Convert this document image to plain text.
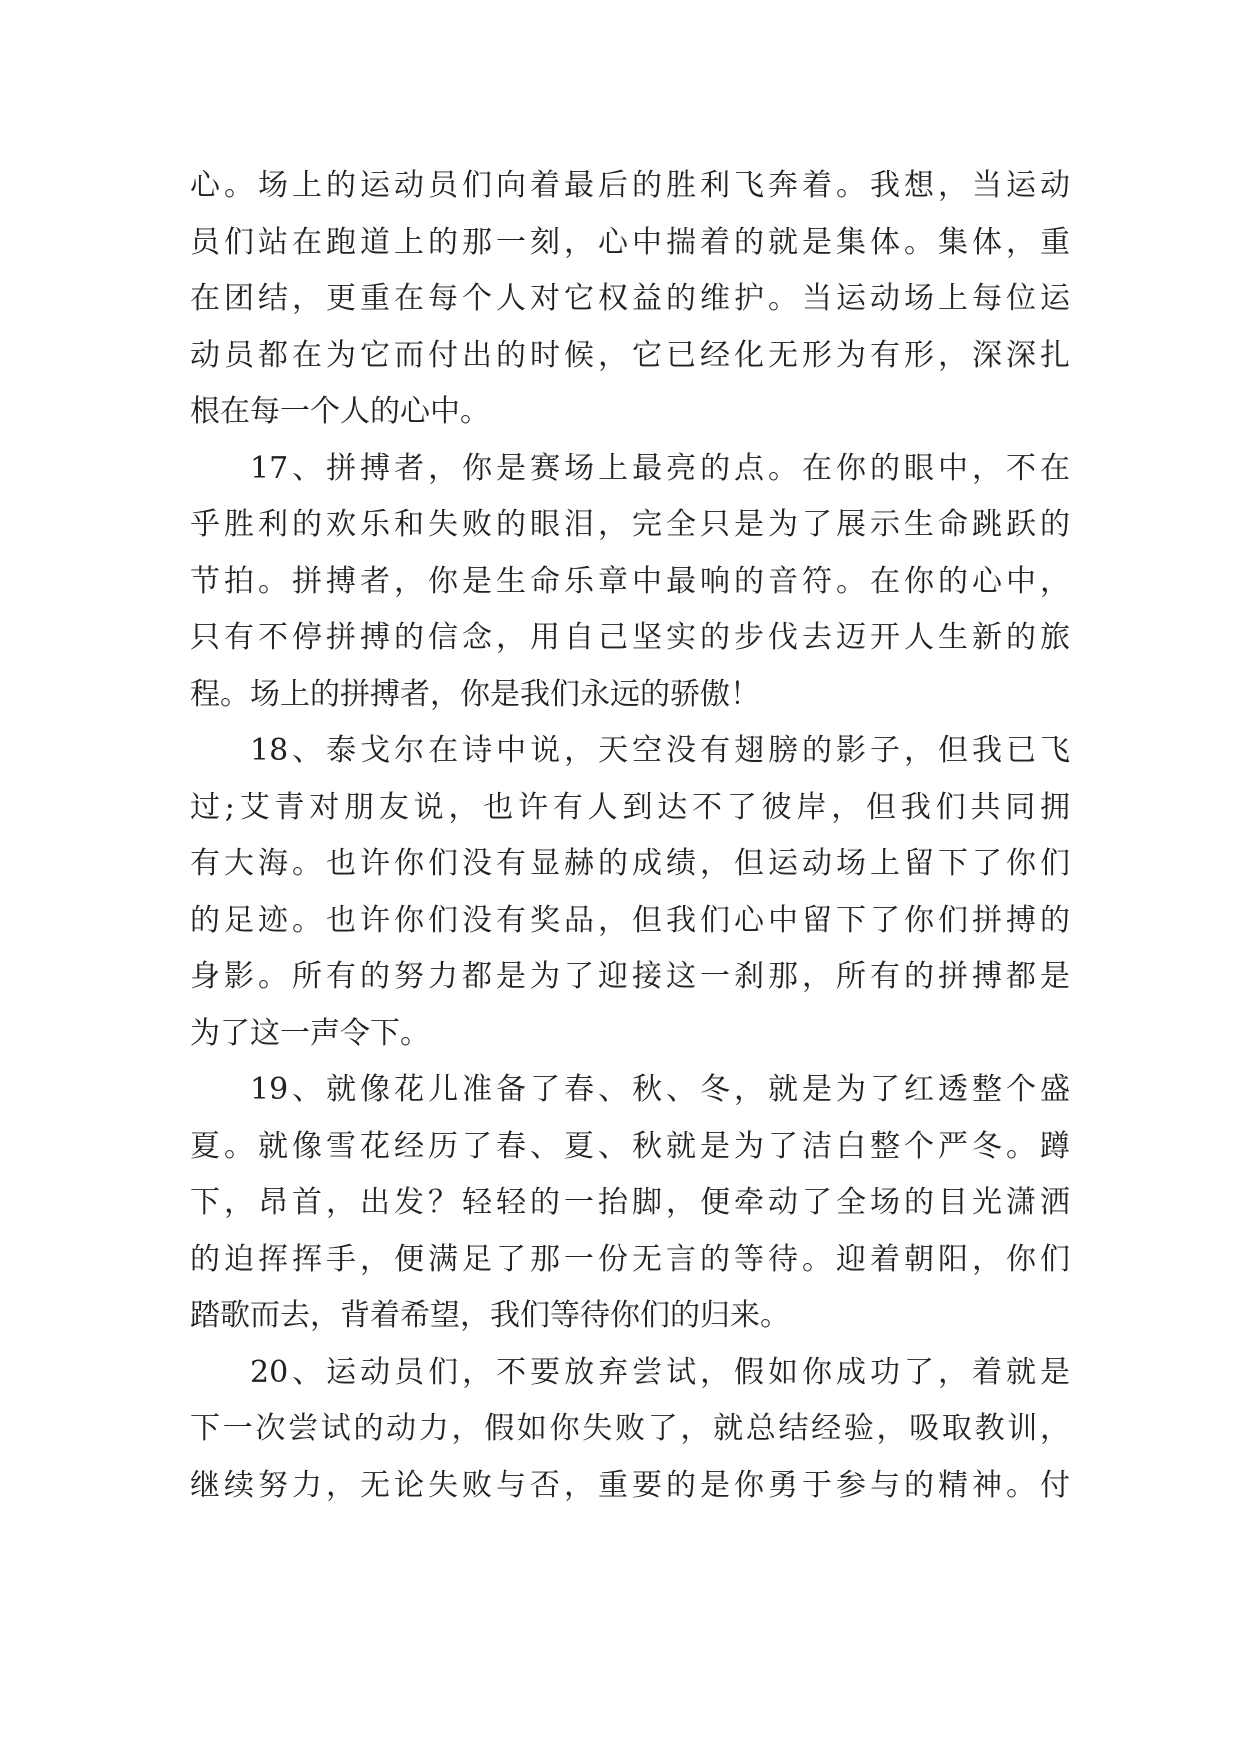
心。场上的运动员们向着最后的胜利飞奔着。我想，当运动
员们站在跑道上的那一刻，心中揣着的就是集体。集体，重
在团结，更重在每个人对它权益的维护。当运动场上每位运
动员都在为它而付出的时候，它已经化无形为有形，深深扎
根在每一个人的心中。
17、拼搏者，你是赛场上最亮的点。在你的眼中，不在
乎胜利的欢乐和失败的眼泪，完全只是为了展示生命跳跃的
节拍。拼搏者，你是生命乐章中最响的音符。在你的心中，
只有不停拼搏的信念，用自己坚实的步伐去迈开人生新的旅
程。场上的拼搏者，你是我们永远的骄傲！
18、泰戈尔在诗中说，天空没有翅膀的影子，但我已飞
过;艾青对朋友说，也许有人到达不了彼岸，但我们共同拥
有大海。也许你们没有显赫的成绩，但运动场上留下了你们
的足迹。也许你们没有奖品，但我们心中留下了你们拼搏的
身影。所有的努力都是为了迎接这一刹那，所有的拼搏都是
为了这一声令下。
19、就像花儿准备了春、秋、冬，就是为了红透整个盛
夏。就像雪花经历了春、夏、秋就是为了洁白整个严冬。蹲
下，昂首，出发？轻轻的一抬脚，便牵动了全场的目光潇洒
的迫挥挥手，便满足了那一份无言的等待。迎着朝阳，你们
踏歌而去，背着希望，我们等待你们的归来。
20、运动员们，不要放弃尝试，假如你成功了，着就是
下一次尝试的动力，假如你失败了，就总结经验，吸取教训，
继续努力，无论失败与否，重要的是你勇于参与的精神。付
